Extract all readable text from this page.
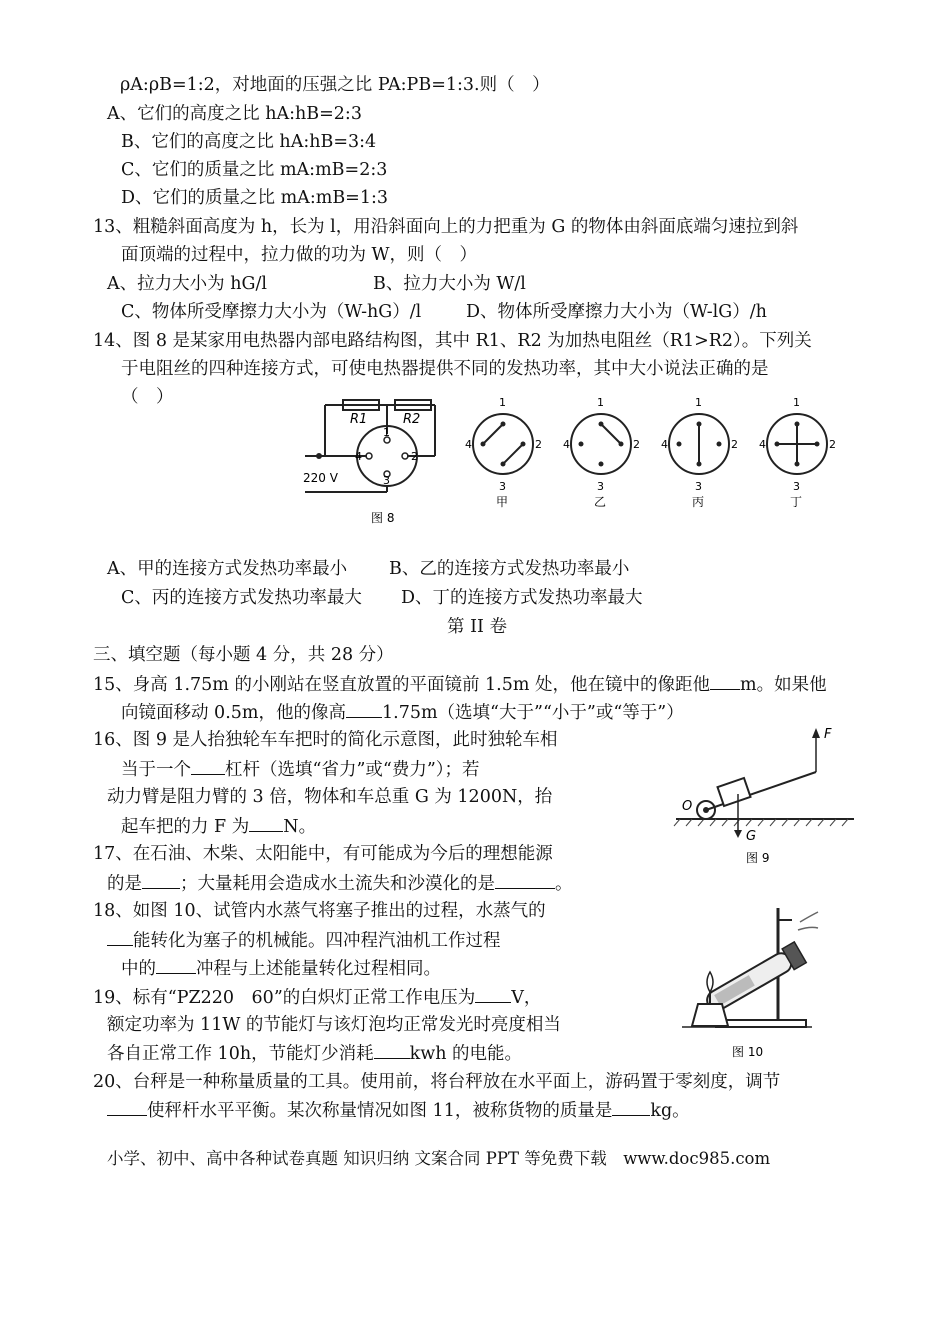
ρA:ρB=1:2，对地面的压强之比 PA:PB=1:3.则（　）
A、它们的高度之比 hA:hB=2:3
B、它们的高度之比 hA:hB=3:4
C、它们的质量之比 mA:mB=2:3
D、它们的质量之比 mA:mB=1:3
13、粗糙斜面高度为 h，长为 l，用沿斜面向上的力把重为 G 的物体由斜面底端匀速拉到斜
面顶端的过程中，拉力做的功为 W，则（　）
A、拉力大小为 hG/l	B、拉力大小为 W/l
C、物体所受摩擦力大小为（W-hG）/l	D、物体所受摩擦力大小为（W-lG）/h
14、图 8 是某家用电热器内部电路结构图，其中 R1、R2 为加热电阻丝（R1>R2）。下列关
于电阻丝的四种连接方式，可使电热器提供不同的发热功率，其中大小说法正确的是
（　）
R1	R2
1
4	2
3
220 V
图 8
1
4	2
3
甲
1
4	2
3
乙
1
4	2
3
丙
1
4	2
3
丁
A、甲的连接方式发热功率最小 B、乙的连接方式发热功率最小
C、丙的连接方式发热功率最大 D、丁的连接方式发热功率最大
第 II 卷
三、填空题（每小题 4 分，共 28 分）
15、身高 1.75m 的小刚站在竖直放置的平面镜前 1.5m 处，他在镜中的像距他 m。如果他
向镜面移动 0.5m，他的像高 1.75m（选填“大于”“小于”或“等于”）
16、图 9 是人抬独轮车车把时的简化示意图，此时独轮车相
当于一个 杠杆（选填“省力”或“费力”）；若
动力臂是阻力臂的 3 倍，物体和车总重 G 为 1200N，抬
起车把的力 F 为 N。
F
O
G
图 9
17、在石油、木柴、太阳能中，有可能成为今后的理想能源
的是 ；大量耗用会造成水土流失和沙漠化的是	。
18、如图 10、试管内水蒸气将塞子推出的过程，水蒸气的
能转化为塞子的机械能。四冲程汽油机工作过程
中的 冲程与上述能量转化过程相同。
19、标有“PZ220　60”的白炽灯正常工作电压为 V，
额定功率为 11W 的节能灯与该灯泡均正常发光时亮度相当
各自正常工作 10h，节能灯少消耗 kwh 的电能。	图 10
20、台秤是一种称量质量的工具。使用前，将台秤放在水平面上，游码置于零刻度，调节
使秤杆水平平衡。某次称量情况如图 11，被称货物的质量是 kg。
小学、初中、高中各种试卷真题 知识归纳 文案合同 PPT 等免费下载　www.doc985.com
